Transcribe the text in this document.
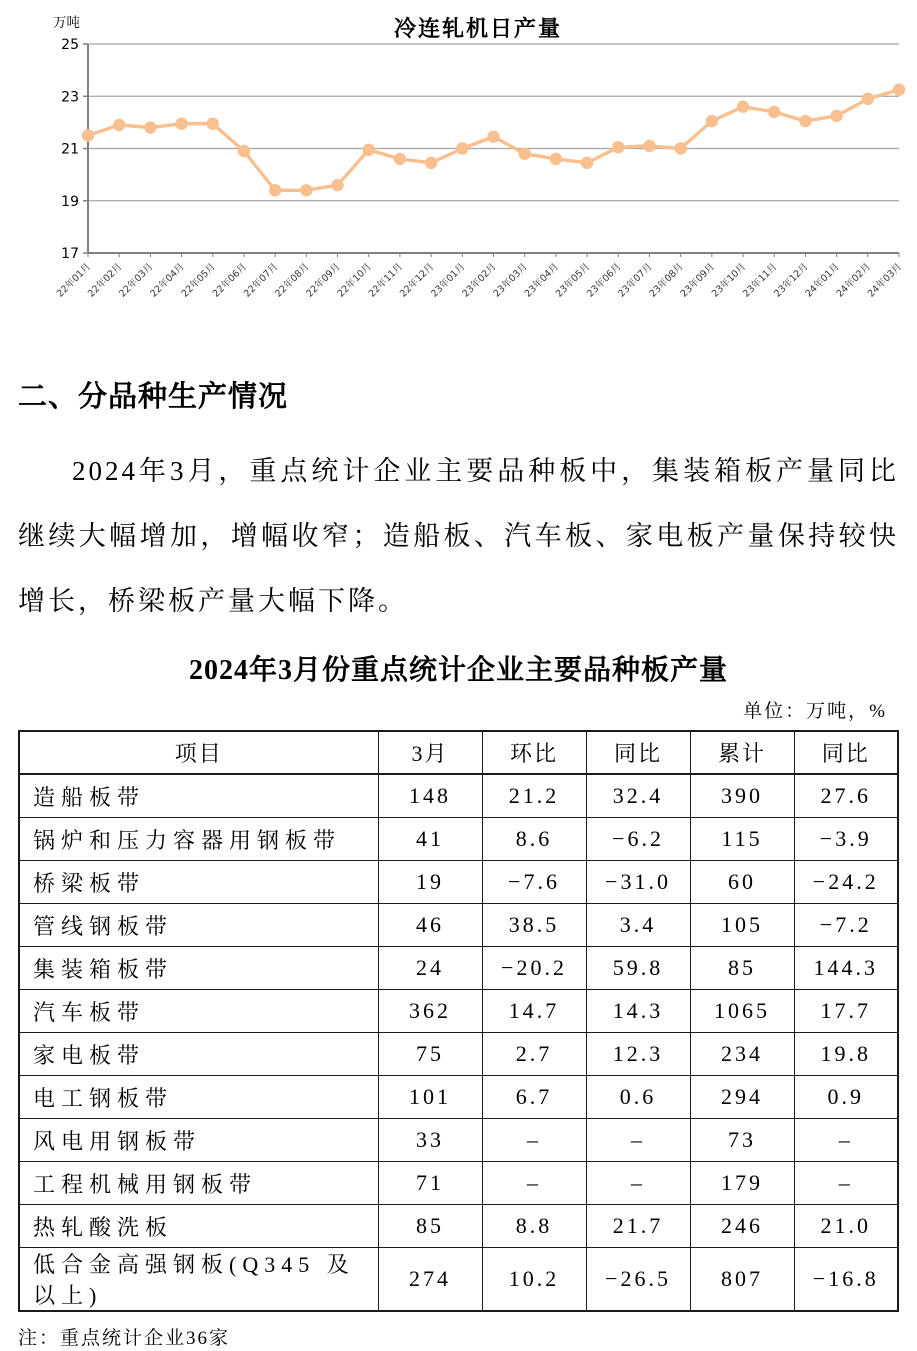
17
19
21
23
25
万吨	冷连轧机日产量
22年01月
22年02月
22年03月
22年04月
22年05月
22年06月
22年07月
22年08月
22年09月
22年10月
22年11月
22年12月
23年01月
23年02月
23年03月
23年04月
23年05月
23年06月
23年07月
23年08月
23年09月
23年10月
23年11月
23年12月
24年01月
24年02月
24年03月
二、分品种生产情况

2024年3月，重点统计企业主要品种板中，集装箱板产量同比继续大幅增加，增幅收窄；造船板、汽车板、家电板产量保持较快增长，桥梁板产量大幅下降。

2024年3月份重点统计企业主要品种板产量
单位：万吨，%
项目	3月	环比	同比	累计	同比
造船板带	148	21.2	32.4	390	27.6
锅炉和压力容器用钢板带	41	8.6	−6.2	115	−3.9
桥梁板带	19	−7.6	−31.0	60	−24.2
管线钢板带	46	38.5	3.4	105	−7.2
集装箱板带	24	−20.2	59.8	85	144.3
汽车板带	362	14.7	14.3	1065	17.7
家电板带	75	2.7	12.3	234	19.8
电工钢板带	101	6.7	0.6	294	0.9
风电用钢板带	33	–	–	73	–
工程机械用钢板带	71	–	–	179	–
热轧酸洗板	85	8.8	21.7	246	21.0
低合金高强钢板(Q345 及以上)	274	10.2	−26.5	807	−16.8
注：重点统计企业36家
